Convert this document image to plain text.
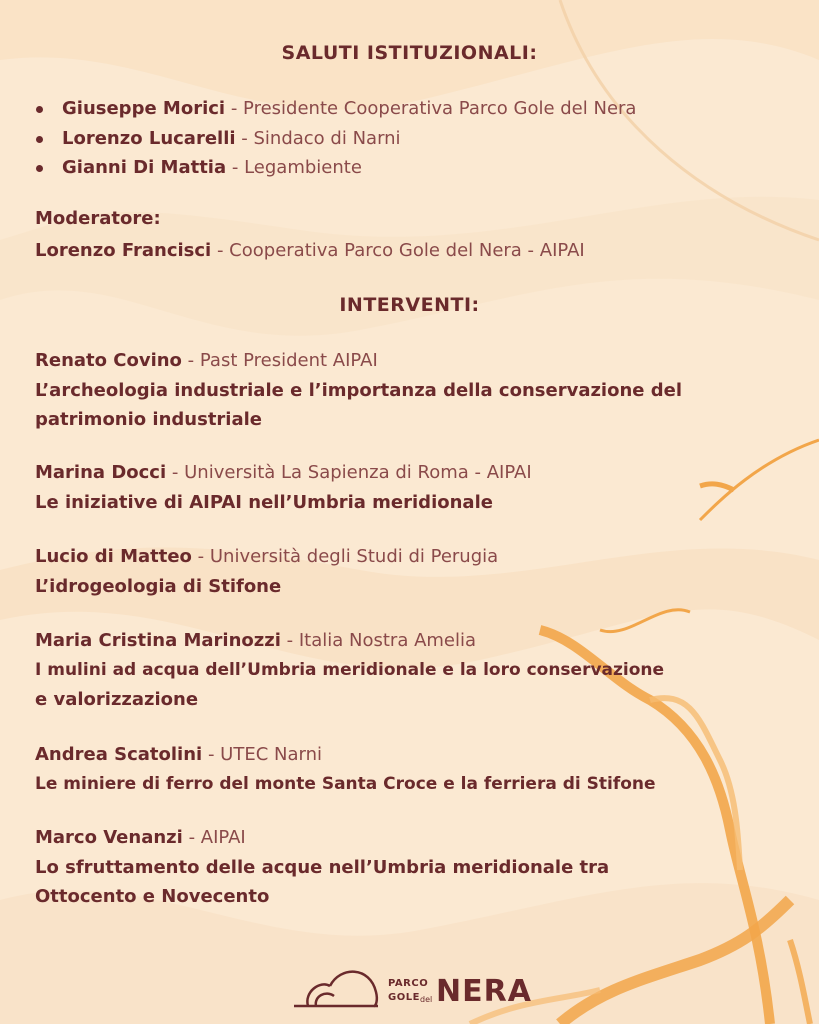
SALUTI ISTITUZIONALI:
Giuseppe Morici - Presidente Cooperativa Parco Gole del Nera
Lorenzo Lucarelli - Sindaco di Narni
Gianni Di Mattia - Legambiente
Moderatore:
Lorenzo Francisci - Cooperativa Parco Gole del Nera - AIPAI
INTERVENTI:
Renato Covino - Past President AIPAI
L’archeologia industriale e l’importanza della conservazione del
patrimonio industriale
Marina Docci - Università La Sapienza di Roma - AIPAI
Le iniziative di AIPAI nell’Umbria meridionale
Lucio di Matteo - Università degli Studi di Perugia
L’idrogeologia di Stifone
Maria Cristina Marinozzi - Italia Nostra Amelia
I mulini ad acqua dell’Umbria meridionale e la loro conservazione
e valorizzazione
Andrea Scatolini - UTEC Narni
Le miniere di ferro del monte Santa Croce e la ferriera di Stifone
Marco Venanzi - AIPAI
Lo sfruttamento delle acque nell’Umbria meridionale tra
Ottocento e Novecento
PARCO
GOLE del NERA
